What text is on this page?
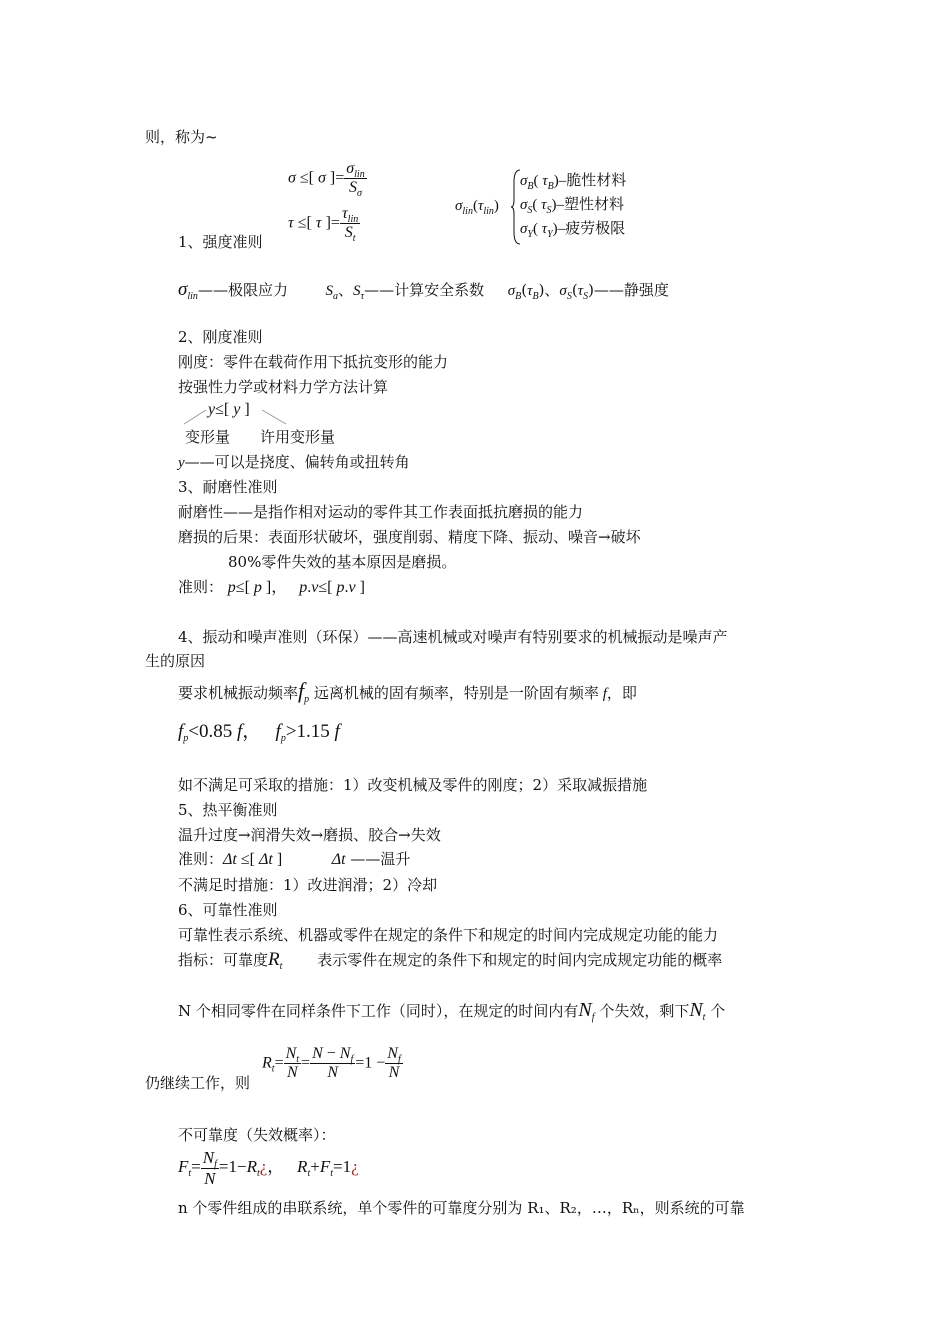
则，称为~
σ ≤[ σ ]= $\frac{\sigma_{lin}}{S_\sigma}$
τ ≤[ τ ]= $\frac{\tau_{lin}}{S_t}$	$\sigma_{lin}(\tau_{lin})$
$\sigma_B$( $\tau_B)-$脆性材料
$\sigma_S$( $\tau_S)-$塑性材料
$\sigma_Y$( $\tau_Y)-$疲劳极限
1、强度准则
$\sigma_{lin}——$极限应力	$S_a$、$S_\tau——$计算安全系数 $\sigma_B(\tau_B)$、$\sigma_S(\tau_S)——$静强度
2、刚度准则
刚度：零件在载荷作用下抵抗变形的能力
按强性力学或材料力学方法计算
y≤[ y ]
变形量 许用变形量
y——可以是挠度、偏转角或扭转角
3、耐磨性准则
耐磨性——是指作相对运动的零件其工作表面抵抗磨损的能力
磨损的后果：表面形状破坏，强度削弱、精度下降、振动、噪音→破坏
80%零件失效的基本原因是磨损。
准则： p≤[ p ]，   p.v≤[ p.v ]
4、振动和噪声准则（环保）——高速机械或对噪声有特别要求的机械振动是噪声产
生的原因
要求机械振动频率$f_p$ 远离机械的固有频率，特别是一阶固有频率 f，即
$f_p<0.85$ f，   $f_p>1.15$ f
如不满足可采取的措施：1）改变机械及零件的刚度；2）采取减振措施
5、热平衡准则
温升过度→润滑失效→磨损、胶合→失效
准则：Δt ≤[ Δt ]	Δt ——温升
不满足时措施：1）改进润滑；2）冷却
6、可靠性准则
可靠性表示系统、机器或零件在规定的条件下和规定的时间内完成规定功能的能力
指标：可靠度$R_t$ 表示零件在规定的条件下和规定的时间内完成规定功能的概率
N 个相同零件在同样条件下工作（同时），在规定的时间内有$N_f$ 个失效，剩下$N_t$ 个
仍继续工作，则
$R_t= \frac{N_t}{N} = \frac{N - N_f}{N} =1 - \frac{N_f}{N}$
不可靠度（失效概率）：
$F_t= \frac{N_f}{N}$ $=1-R_t¿$，   $R_t+F_t=1¿$
n 个零件组成的串联系统，单个零件的可靠度分别为 R₁、R₂，…，Rₙ，则系统的可靠
